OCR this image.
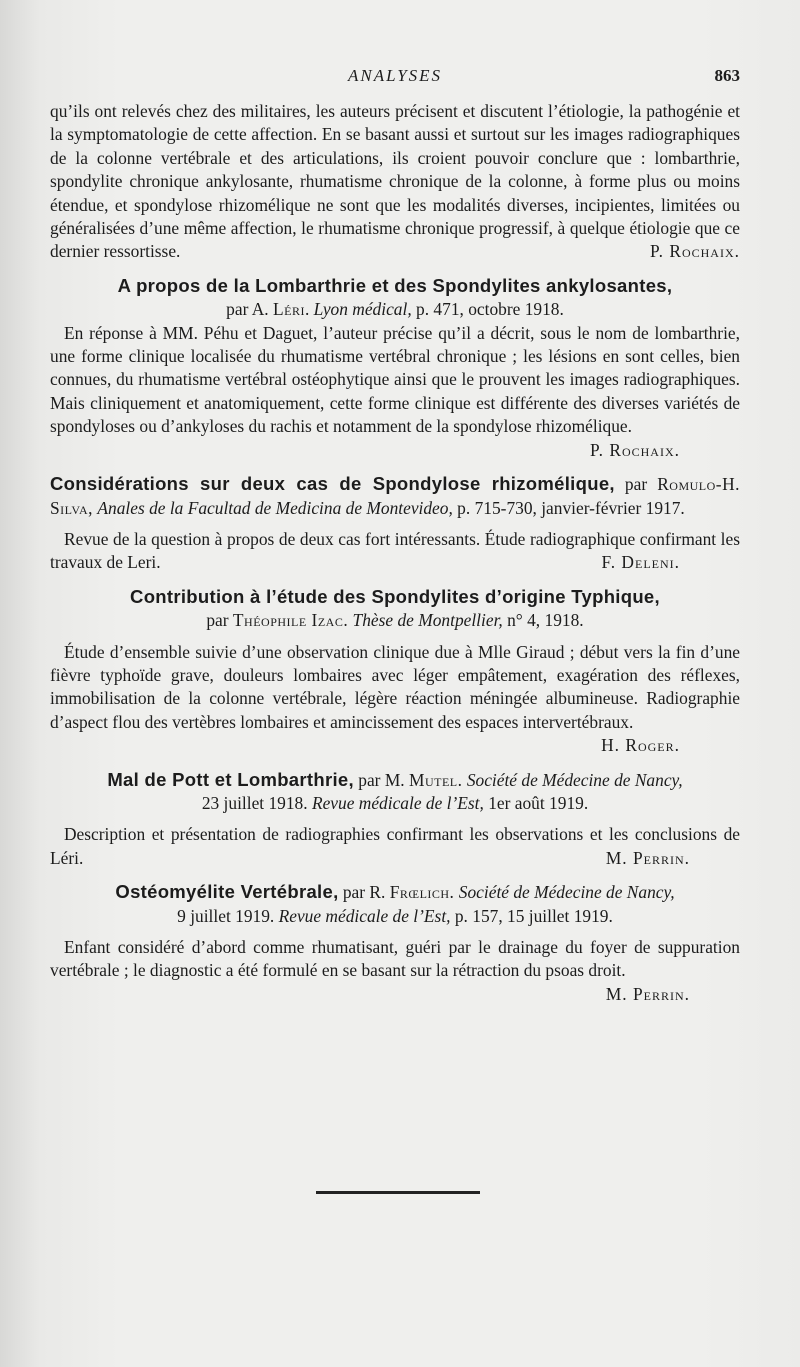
ANALYSES	863

qu’ils ont relevés chez des militaires, les auteurs précisent et discutent l’étiologie, la pathogénie et la symptomatologie de cette affection. En se basant aussi et surtout sur les images radiographiques de la colonne vertébrale et des articulations, ils croient pouvoir conclure que : lombarthrie, spondylite chronique ankylosante, rhumatisme chronique de la colonne, à forme plus ou moins étendue, et spondylose rhizomélique ne sont que les modalités diverses, incipientes, limitées ou généralisées d’une même affection, le rhumatisme chronique progressif, à quelque étiologie que ce dernier ressortisse.	P. Rochaix.

A propos de la Lombarthrie et des Spondylites ankylosantes,
par A. Léri. Lyon médical, p. 471, octobre 1918.

En réponse à MM. Péhu et Daguet, l’auteur précise qu’il a décrit, sous le nom de lombarthrie, une forme clinique localisée du rhumatisme vertébral chronique ; les lésions en sont celles, bien connues, du rhumatisme vertébral ostéophytique ainsi que le prouvent les images radiographiques. Mais cliniquement et anatomiquement, cette forme clinique est différente des diverses variétés de spondyloses ou d’ankyloses du rachis et notamment de la spondylose rhizomélique.

P. Rochaix.

Considérations sur deux cas de Spondylose rhizomélique, par Romulo-H. Silva, Anales de la Facultad de Medicina de Montevideo, p. 715-730, janvier-février 1917.

Revue de la question à propos de deux cas fort intéressants. Étude radiographique confirmant les travaux de Leri.	F. Deleni.

Contribution à l’étude des Spondylites d’origine Typhique,
par Théophile Izac. Thèse de Montpellier, n° 4, 1918.

Étude d’ensemble suivie d’une observation clinique due à Mlle Giraud ; début vers la fin d’une fièvre typhoïde grave, douleurs lombaires avec léger empâtement, exagération des réflexes, immobilisation de la colonne vertébrale, légère réaction méningée albumineuse. Radiographie d’aspect flou des vertèbres lombaires et amincissement des espaces intervertébraux.
H. Roger.

Mal de Pott et Lombarthrie, par M. Mutel. Société de Médecine de Nancy,
23 juillet 1918. Revue médicale de l’Est, 1er août 1919.

Description et présentation de radiographies confirmant les observations et les conclusions de Léri.	M. Perrin.

Ostéomyélite Vertébrale, par R. Frœlich. Société de Médecine de Nancy,
9 juillet 1919. Revue médicale de l’Est, p. 157, 15 juillet 1919.

Enfant considéré d’abord comme rhumatisant, guéri par le drainage du foyer de suppuration vertébrale ; le diagnostic a été formulé en se basant sur la rétraction du psoas droit.
M. Perrin.
